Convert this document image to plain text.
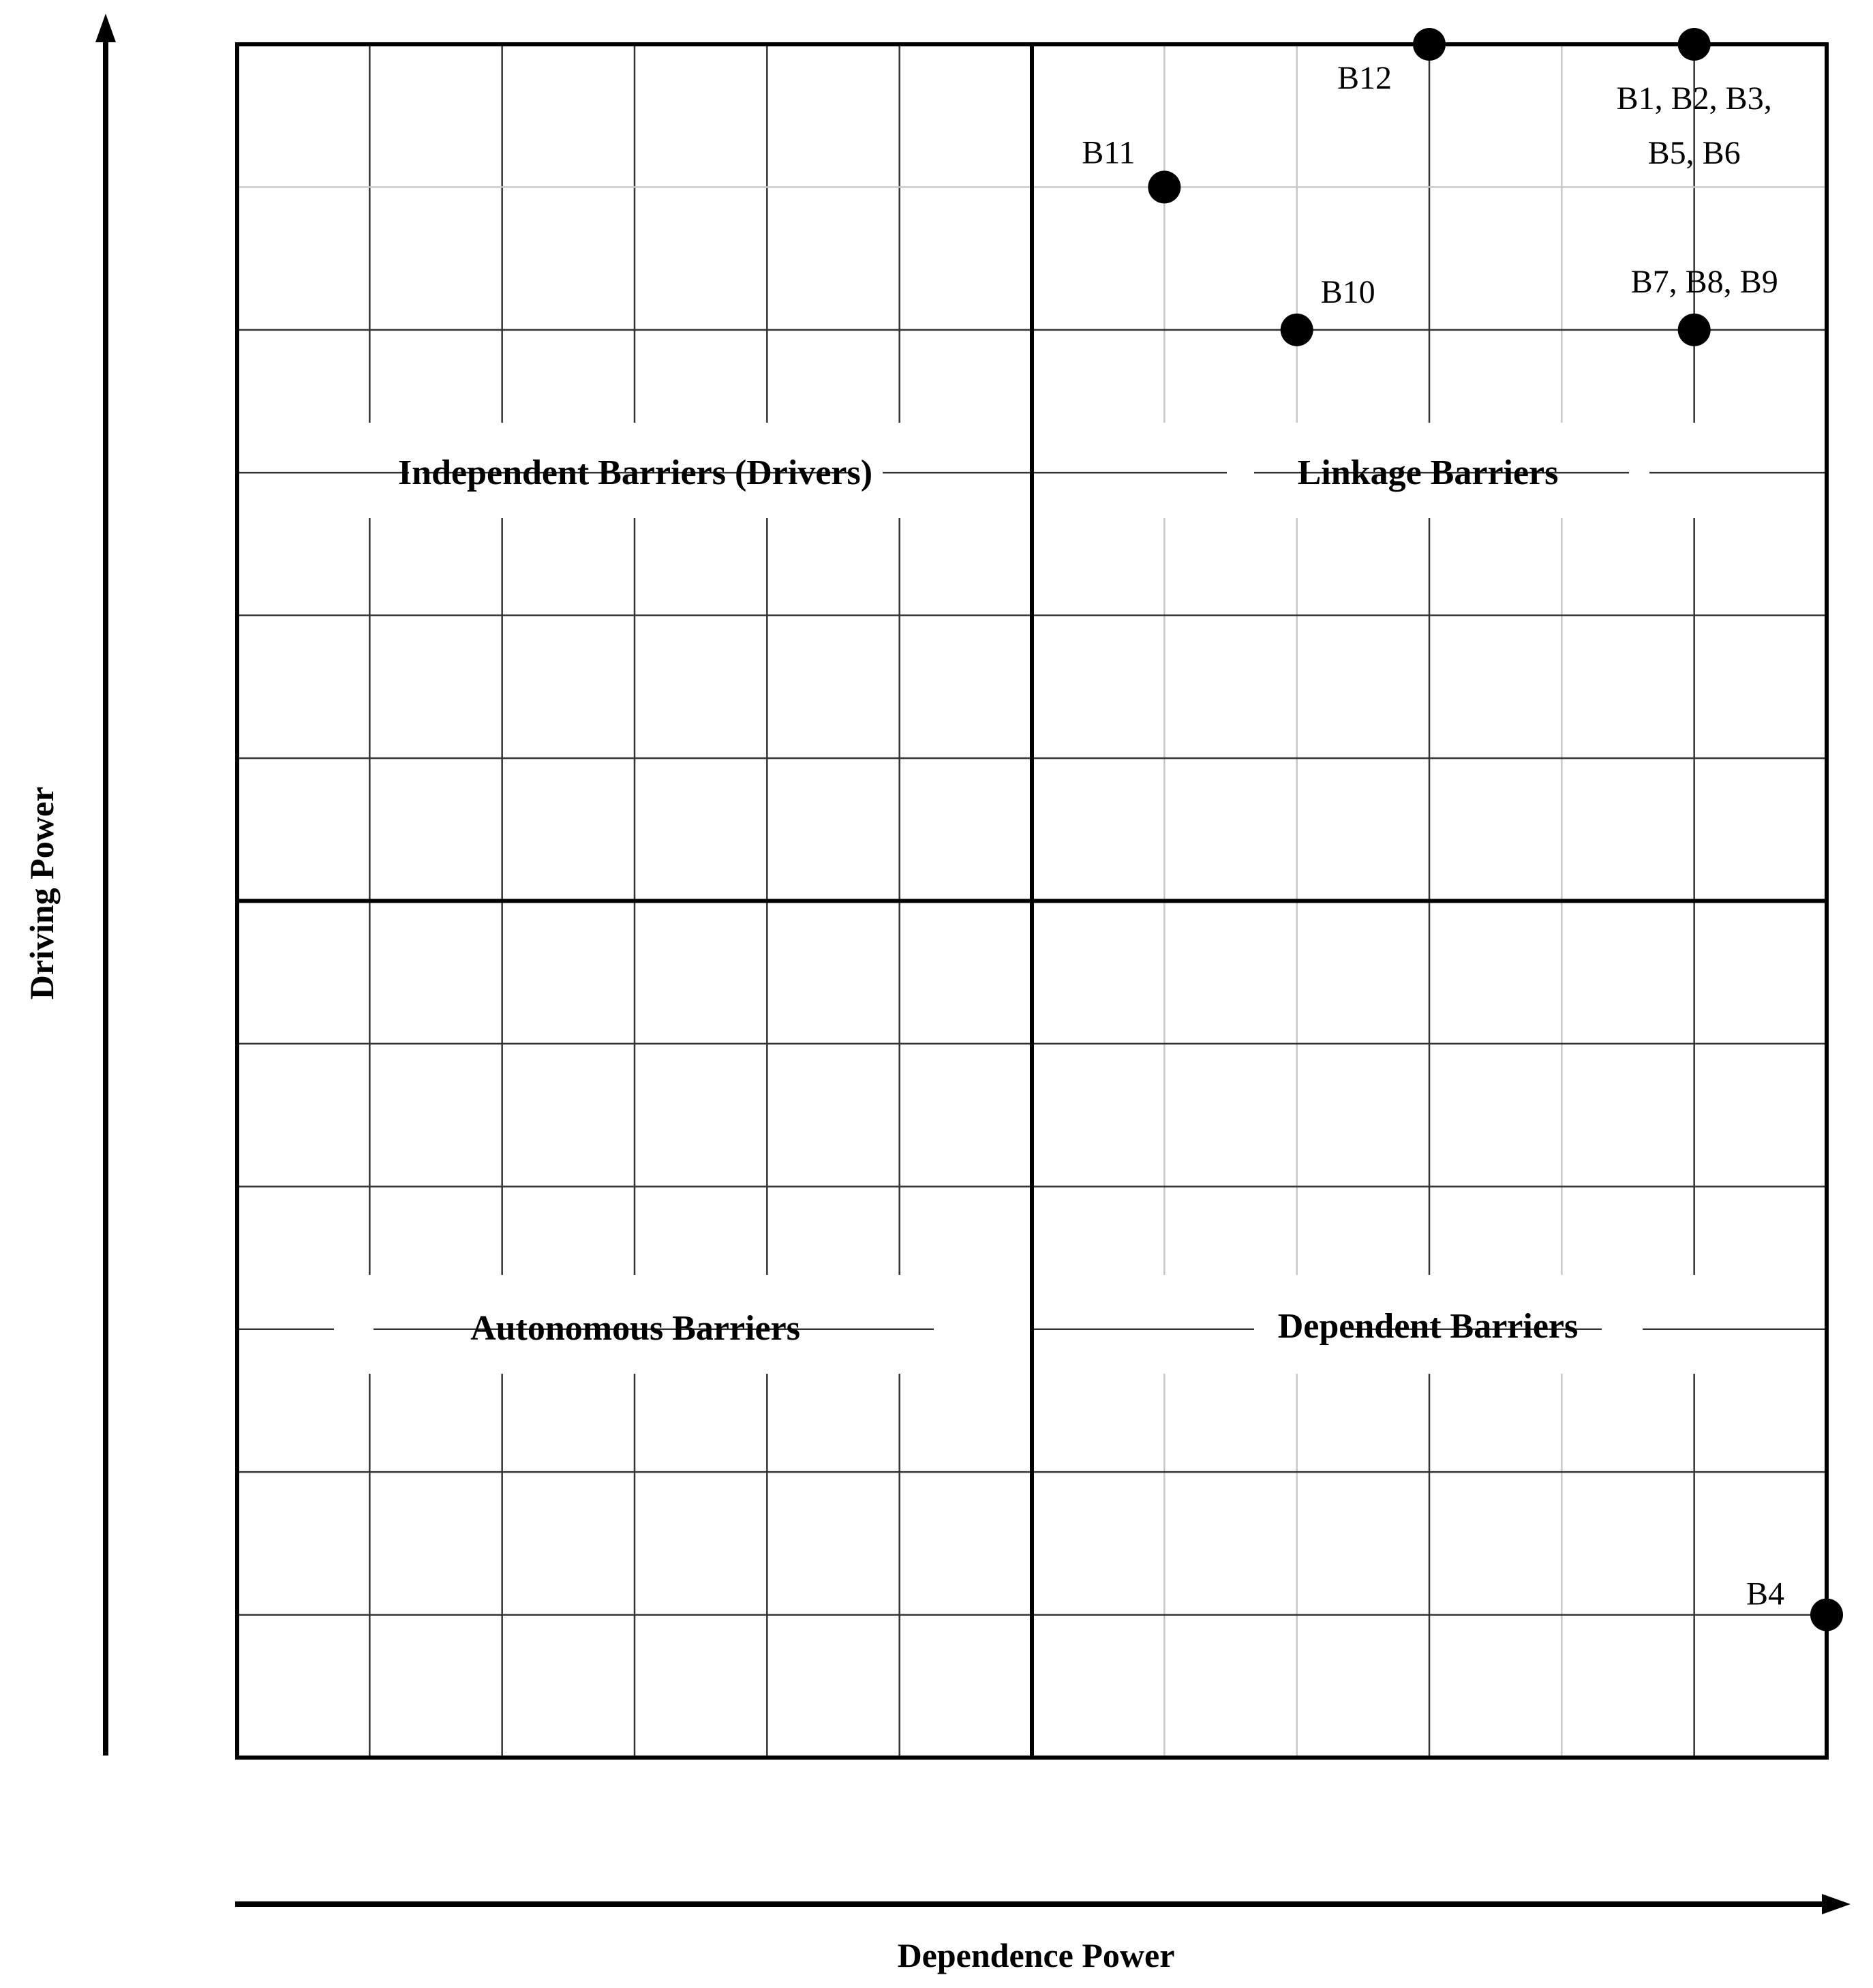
Independent Barriers (Drivers)	Linkage Barriers
Autonomous Barriers	Dependent Barriers
B12
B1, B2, B3,
B5, B6
B11
B10	B7, B8, B9
B4
Dependence Power
Driving Power
